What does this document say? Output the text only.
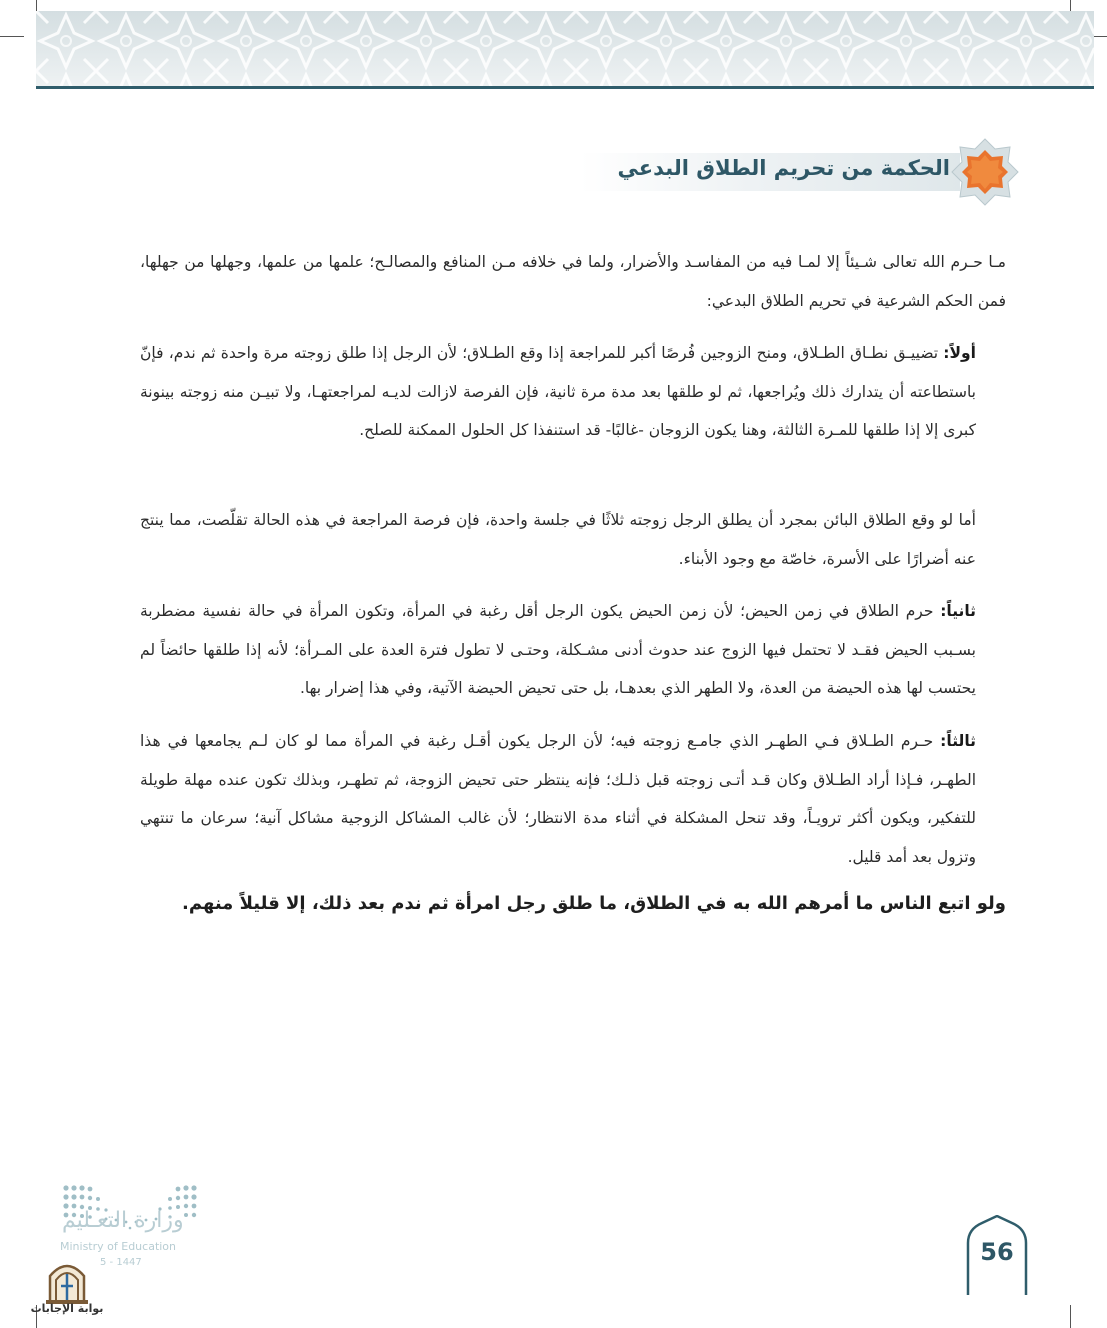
الحكمة من تحريم الطلاق البدعي
مـا حـرم الله تعالى شـيئاً إلا لمـا فيه من المفاسـد والأضرار، ولما في خلافه مـن المنافع والمصالـح؛ علمها من علمها، وجهلها من جهلها، فمن الحكم الشرعية في تحريم الطلاق البدعي:
أولاً: تضييـق نطـاق الطـلاق، ومنح الزوجين فُرصًا أكبر للمراجعة إذا وقع الطـلاق؛ لأن الرجل إذا طلق زوجته مرة واحدة ثم ندم، فإنّ باستطاعته أن يتدارك ذلك ويُراجعها، ثم لو طلقها بعد مدة مرة ثانية، فإن الفرصة لازالت لديـه لمراجعتهـا، ولا تبيـن منه زوجته بينونة كبرى إلا إذا طلقها للمـرة الثالثة، وهنا يكون الزوجان -غالبًا- قد استنفذا كل الحلول الممكنة للصلح.
أما لو وقع الطلاق البائن بمجرد أن يطلق الرجل زوجته ثلاثًا في جلسة واحدة، فإن فرصة المراجعة في هذه الحالة تقلّصت، مما ينتج عنه أضرارًا على الأسرة، خاصّة مع وجود الأبناء.
ثانياً: حرم الطلاق في زمن الحيض؛ لأن زمن الحيض يكون الرجل أقل رغبة في المرأة، وتكون المرأة في حالة نفسية مضطربة بسـبب الحيض فقـد لا تحتمل فيها الزوج عند حدوث أدنى مشـكلة، وحتـى لا تطول فترة العدة على المـرأة؛ لأنه إذا طلقها حائضاً لم يحتسب لها هذه الحيضة من العدة، ولا الطهر الذي بعدهـا، بل حتى تحيض الحيضة الآتية، وفي هذا إضرار بها.
ثالثاً: حـرم الطـلاق فـي الطهـر الذي جامـع زوجته فيه؛ لأن الرجل يكون أقـل رغبة في المرأة مما لو كان لـم يجامعها في هذا الطهـر، فـإذا أراد الطـلاق وكان قـد أتـى زوجته قبل ذلـك؛ فإنه ينتظر حتى تحيض الزوجة، ثم تطهـر، وبذلك تكون عنده مهلة طويلة للتفكير، ويكون أكثر ترويـاً، وقد تنحل المشكلة في أثناء مدة الانتظار؛ لأن غالب المشاكل الزوجية مشاكل آنية؛ سرعان ما تنتهي وتزول بعد أمد قليل.
ولو اتبع الناس ما أمرهم الله به في الطلاق، ما طلق رجل امرأة ثم ندم بعد ذلك، إلا قليلاً منهم.
وزارة التعـليم
Ministry of Education
5 - 1447
بوابة الإجابات
56
